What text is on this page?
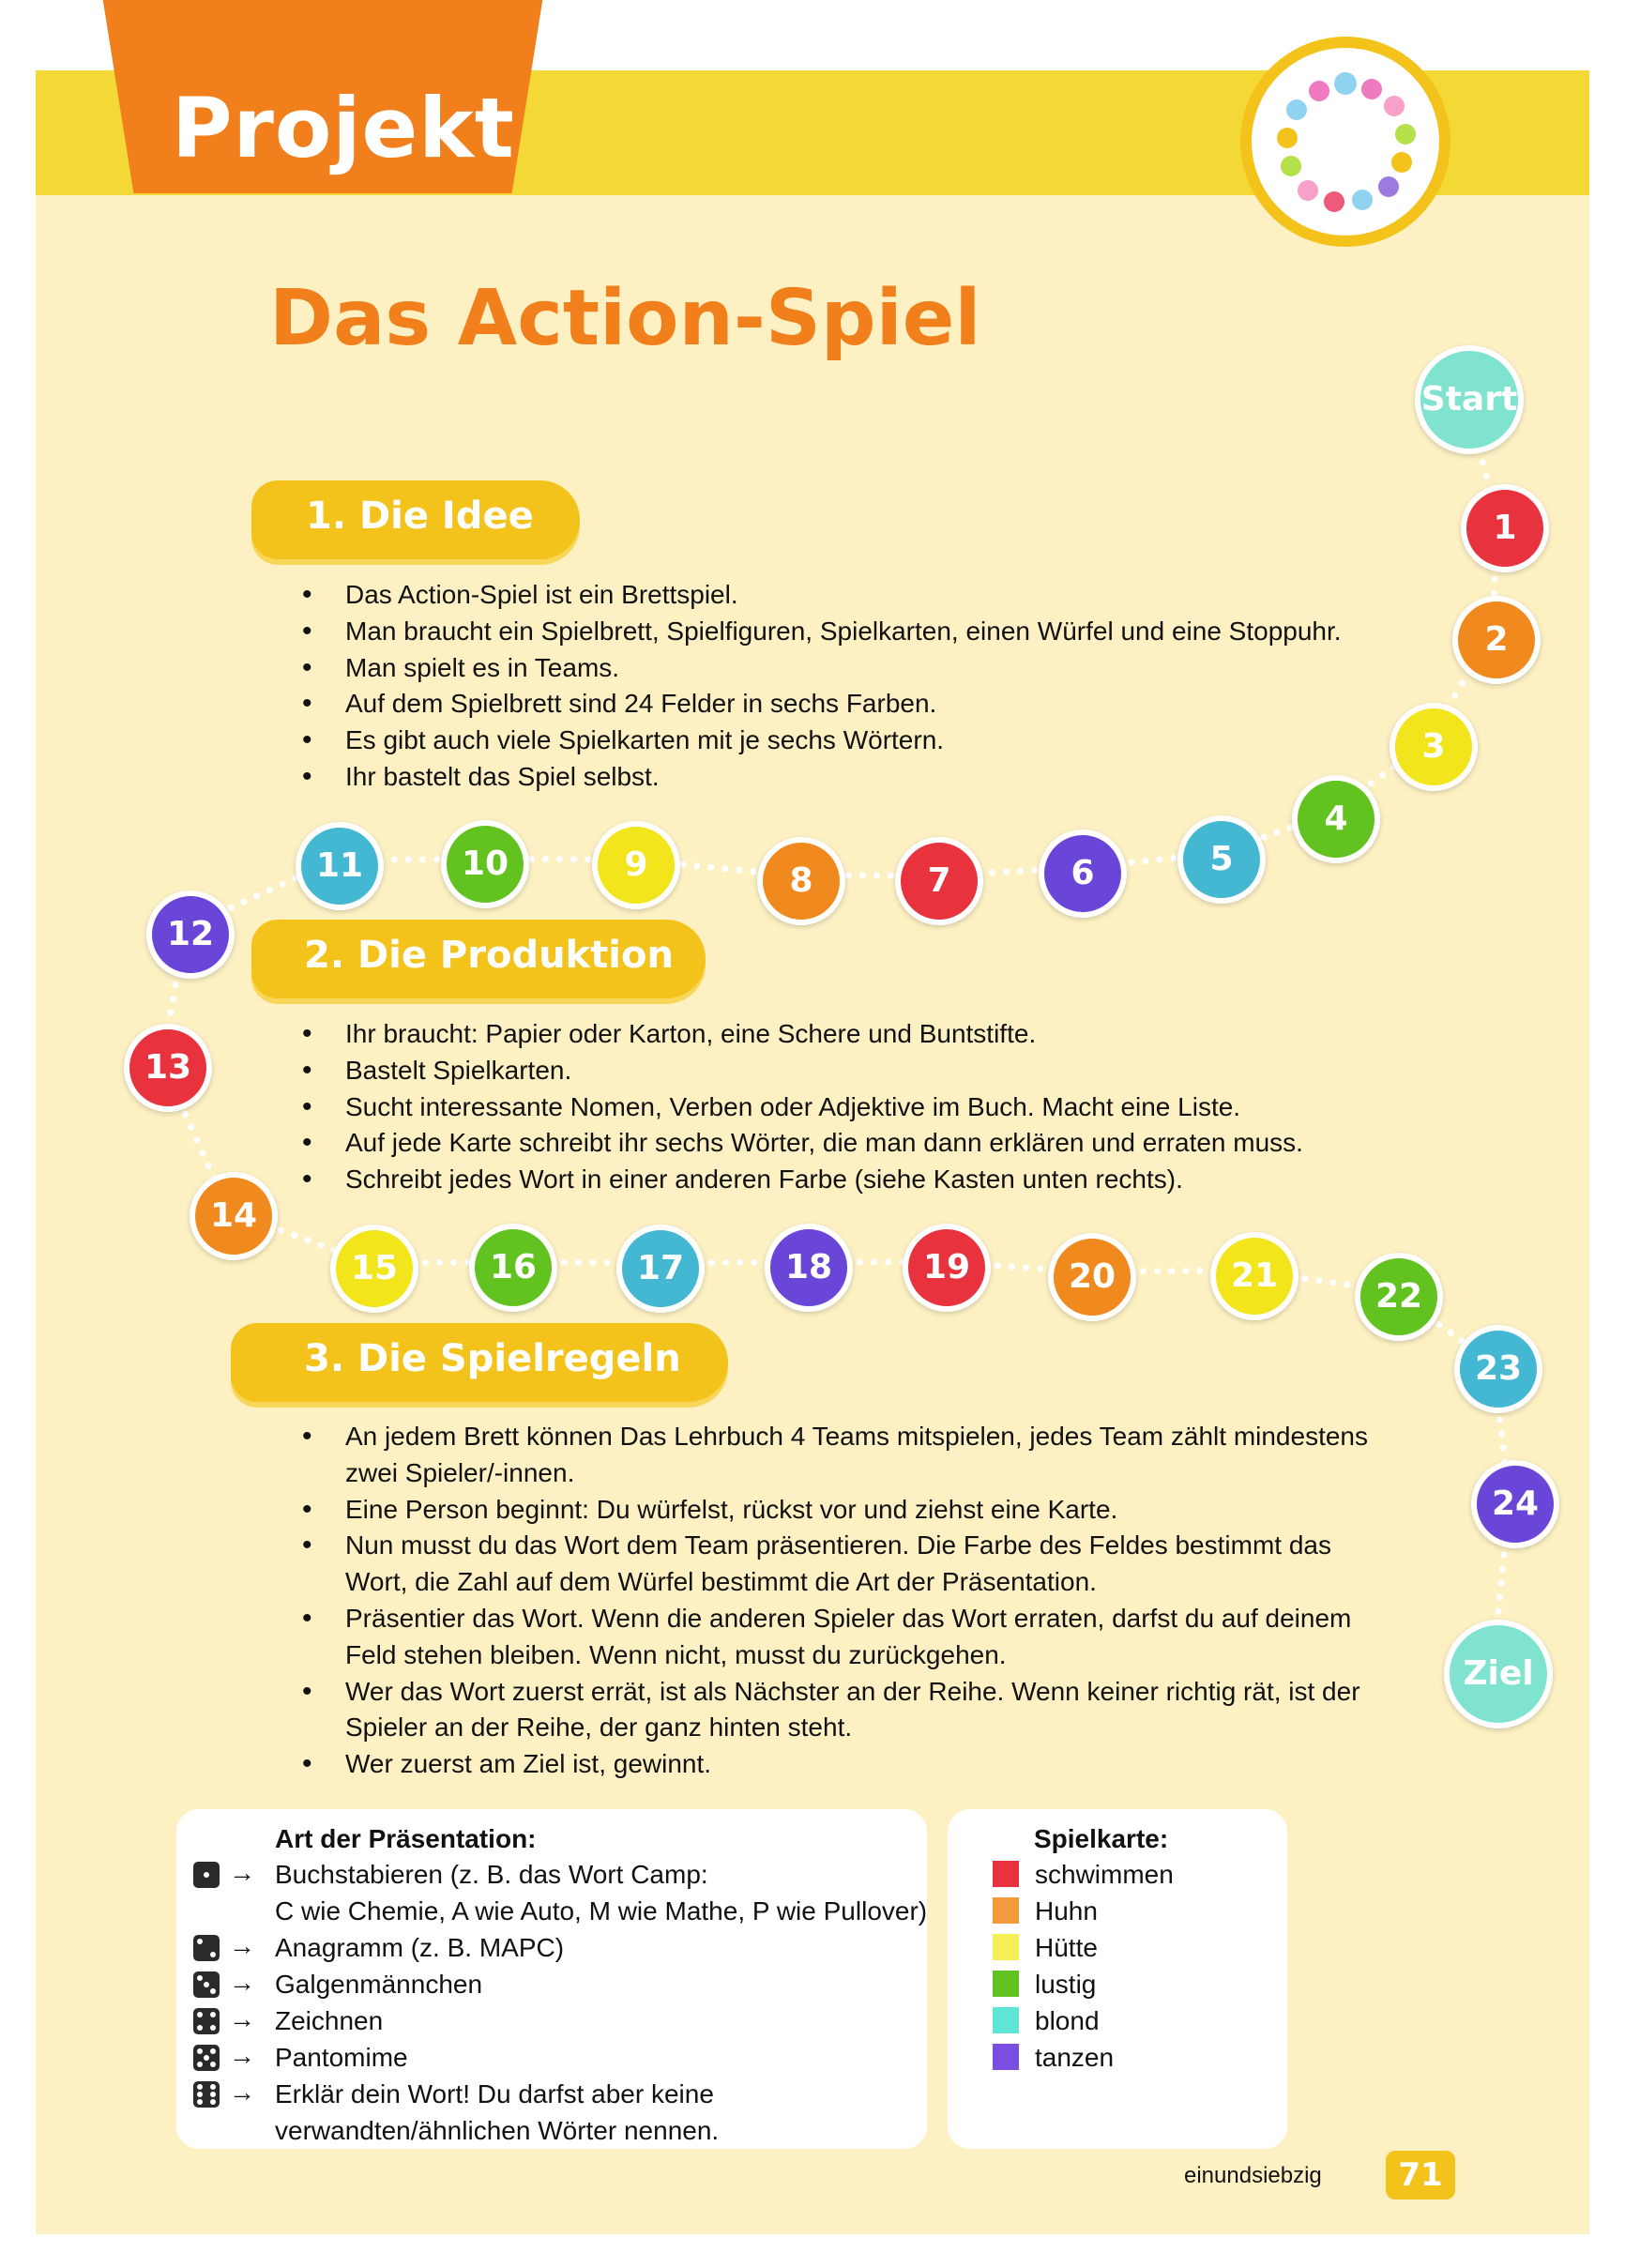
Projekt
Das Action-Spiel
1. Die Idee
• Das Action-Spiel ist ein Brettspiel.
• Man braucht ein Spielbrett, Spielfiguren, Spielkarten, einen Würfel und eine Stoppuhr.
• Man spielt es in Teams.
• Auf dem Spielbrett sind 24 Felder in sechs Farben.
• Es gibt auch viele Spielkarten mit je sechs Wörtern.
• Ihr bastelt das Spiel selbst.
2. Die Produktion
• Ihr braucht: Papier oder Karton, eine Schere und Buntstifte.
• Bastelt Spielkarten.
• Sucht interessante Nomen, Verben oder Adjektive im Buch. Macht eine Liste.
• Auf jede Karte schreibt ihr sechs Wörter, die man dann erklären und erraten muss.
• Schreibt jedes Wort in einer anderen Farbe (siehe Kasten unten rechts).
3. Die Spielregeln
• An jedem Brett können Das Lehrbuch 4 Teams mitspielen, jedes Team zählt mindestens zwei Spieler/-innen.
• Eine Person beginnt: Du würfelst, rückst vor und ziehst eine Karte.
• Nun musst du das Wort dem Team präsentieren. Die Farbe des Feldes bestimmt das Wort, die Zahl auf dem Würfel bestimmt die Art der Präsentation.
• Präsentier das Wort. Wenn die anderen Spieler das Wort erraten, darfst du auf deinem Feld stehen bleiben. Wenn nicht, musst du zurückgehen.
• Wer das Wort zuerst errät, ist als Nächster an der Reihe. Wenn keiner richtig rät, ist der Spieler an der Reihe, der ganz hinten steht.
• Wer zuerst am Ziel ist, gewinnt.
Start
1
2
3
4
5
6
7
8
9
10
11
12
13
14
15	16	17	18	19	20	21
22
23
24
Ziel
Art der Präsentation:
→ Buchstabieren (z. B. das Wort Camp:
C wie Chemie, A wie Auto, M wie Mathe, P wie Pullover)
→ Anagramm (z. B. MAPC)
→ Galgenmännchen
→ Zeichnen
→ Pantomime
→ Erklär dein Wort! Du darfst aber keine
verwandten/ähnlichen Wörter nennen.
Spielkarte:
schwimmen
Huhn
Hütte
lustig
blond
tanzen
einundsiebzig	71
